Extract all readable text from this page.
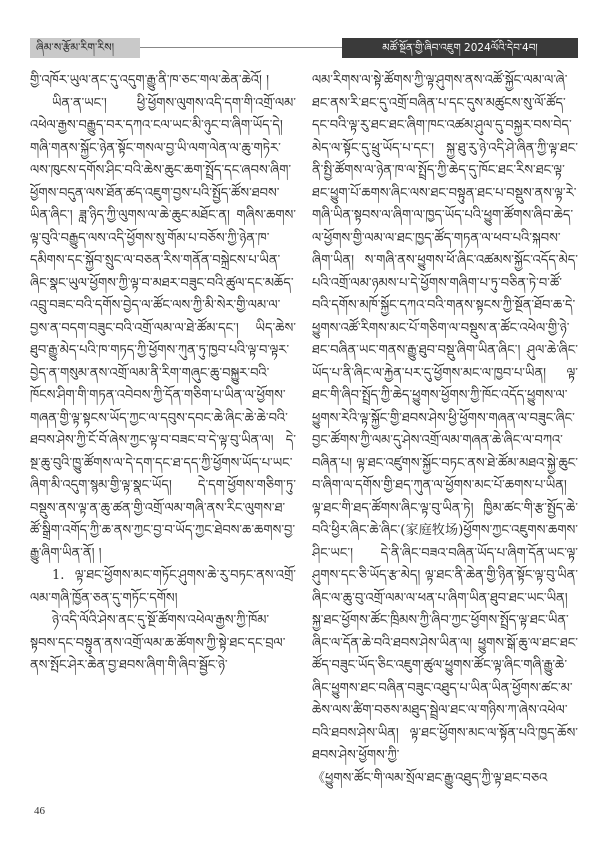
ཞིམ་ས་རྩོམ་རིག་རིས།	མཚོ་སྔོན་གྱི་ཞིབ་འཇུག 2024ལོའི་དེབ་4བ།

གྱི་འཁོར་ཡུལ་ནང་དུ་འདུག་རྒྱུ་ནི་ཁ་ཅང་གལ་ཆེན་ཆེའོ། །

ཡིན་ན་ཡང་། ཕྱི་ཕྱོགས་ལུགས་འདི་དག་གི་འགྲོ་ལམ་འཕེལ་རྒྱས་བརྒྱུད་བར་དཀའ་ངལ་ཡང་མི་ཉུང་བ་ཞིག་ཡོད་དེ། གཞི་གནས་སྐྱོང་ཉེན་སྟོང་གསལ་བྱ་ཡི་ལག་ལེན་ལ་ཆུ་གཏེར་ལས་ཁུངས་དགོས་ཤིང་བའི་ཆེས་ཆུང་ཆག་སྤྲོད་དང་ཞབས་ཞིག་ཕྱོགས་བདུན་ལས་ཐོན་ཚད་འཇུག་བྱས་པའི་སྤྱོད་ཚོས་ཐབས་ཡིན་ཞིང་། ཟླ་ཉིད་ཀྱི་ལུགས་ལ་ཆེ་ཆུང་མཐོང་ན། གཞིས་ཆགས་ལྟ་བུའི་བརྒྱུད་ལས་འདི་ཕྱོགས་སུ་གོམ་པ་བཅོས་ཀྱི་ཉེན་ཁ་དམིགས་དང་སྐྱོབ་སྲུང་ལ་བཅན་རིས་གནོན་བསྐྲེངས་པ་ཡིན་ཞིང་སྣང་ཡུལ་ཕྱོགས་ཀྱི་ལྟ་བ་མཐར་བཟུང་བའི་ཚུལ་དང་མཆོད་འབྲུ་བཟང་བའི་དགོས་བྱེད་ལ་ཚོང་ལས་ཀྱི་མི་སེར་གྱི་ལམ་ལ་བྱས་ན་བདག་བཟུང་བའི་འགྲོ་ལམ་ལ་ཐེ་ཚོམ་དང་། ཡིད་ཆེས་ཐུབ་རྒྱུ་མེད་པའི་ཁ་གཏད་ཀྱི་ཕྱོགས་ཀུན་ཏུ་ཁྱབ་པའི་ལྟ་བ་ལྟར་བྱེད་ན་གསུམ་ནས་འགྲོ་ལམ་ནི་རིག་གཞུང་ཆུ་བསྐྱུར་བའི་ཁོངས་ཤིག་གི་གཏན་འབེབས་ཀྱི་དོན་གཅིག་པ་ཡིན་ལ་ཕྱོགས་གཞན་གྱི་ལྟ་སྟངས་ཡོད་ཀྱང་ལ་དབུས་དབང་ཆེ་ཞིང་ཆེ་ཆེ་བའི་ཐབས་ཤེས་ཀྱི་ངོ་བོ་ཞེས་ཀྱང་ལྟ་བ་བཟང་བ་དེ་ལྟ་བུ་ཡིན་ལ། དེ་སྔ་ཆུ་བུའི་ཁྱུ་ཚོགས་ལ་དེ་དག་དང་ཐ་དད་ཀྱི་ཕྱོགས་ཡོད་པ་ཡང་ཞིག་མི་འདུག་སྙམ་གྱི་ལྟ་སྣང་ཡོད། དེ་དག་ཕྱོགས་གཅིག་ཏུ་བསྡུས་ནས་ལྟ་ན་ཆུ་ཚན་གྱི་འགྲོ་ལམ་གཞི་ནས་རིང་ལུགས་ཐ་ཚོ་སྒྲིག་འགོད་ཀྱི་ཆ་ནས་ཀྱང་བྱ་བ་ཡོད་ཀྱང་ཐེབས་ཆ་ཆགས་བྱ་རྒྱུ་ཞིག་ཡིན་ནོ། །

1. ལྟ་ཐང་ཕྱོགས་མང་གཏོང་ཤུགས་ཆེ་རུ་བཏང་ནས་འགྲོ་ལམ་གཞི་ཁྱོན་ཅན་དུ་གཏོང་དགོས།

ཉེ་འདི་ལོའི་ཤེས་ནང་དུ་སྔོ་ཚོགས་འཕེལ་རྒྱས་ཀྱི་ཁོམ་སྟབས་དང་བསྟུན་ནས་འགྲོ་ལམ་ཆ་ཚོགས་ཀྱི་སྟེ་ཐང་དང་བྲལ་ནས་སྤོང་ཤེར་ཆེན་བྱ་ཐབས་ཞིག་གི་ཞིབ་སྦྱོང་ཉེ་

ལམ་རིགས་ལ་སྟེ་ཚོགས་ཀྱི་ལྟ་ཤུགས་ནས་འཚོ་སྐྱོང་ལམ་ལ་ཞེ་ཐང་ནས་རི་ཐང་དུ་འགྲོ་བཞིན་པ་དང་དུས་མཚུངས་སུ་ལོ་ཚོད་དང་བའི་ལྟ་རུ་ཐང་ཐང་ཞིག་ཁང་འཚམ་ཤུལ་དུ་བསྐྱར་བས་བེད་མེད་ལ་སྟོང་དུ་ཕྲུ་ཡོད་པ་དང་། སྐྱ་ཐུ་རུ་ཉེ་འདི་ཤེ་ཞིན་ཀྱི་ལྟ་ཐང་ནི་སྤྱི་ཚོགས་ལ་ཉེན་ཁ་ལ་སྤྲོད་ཀྱི་ཆེད་དུ་ཁོང་ཐང་རིས་ཐང་ལྟ་ཐང་ཕྱུག་པོ་ཆགས་ཞིང་ལས་ཐང་བསྟུན་ཐང་པ་བསྡུས་ནས་ལྟ་རེ་གཞི་ཡིན་སྟབས་ལ་ཞིག་ལ་ཁྱད་ཡོད་པའི་ཕྱུག་ཚོགས་ཞིབ་ཆེད་ལ་ཕྱོགས་གྱི་ལམ་ལ་ཐང་ཁྱད་ཚོད་གཏན་ལ་ཕབ་པའི་སྐབས་ཞིག་ཡིན། ས་གཞི་ནས་ཕྱུགས་ཕོ་ཞིང་འཚམས་སྐྱོང་འདོད་མེད་པའི་འགྲོ་ལམ་ཉམས་པ་དེ་ཕྱོགས་གཞིག་པ་ཏུ་བཅིན་ཏེ་བ་ཚོ་བའི་དགོས་མཁོ་སྐྱོང་དཀའ་བའི་གནས་སྟངས་ཀྱི་སྔོན་ཐོབ་ཆ་དེ་ཕྱུགས་འཚོ་རིགས་མང་པོ་གཅིག་ལ་བསྡུས་ན་ཚོང་འཕེལ་གྱི་ཉེ་ཐང་བཞིན་ཡང་གནས་རྒྱུ་ཐུབ་བསྡུ་ཞིག་ཡིན་ཞིང་། ཤུལ་ཆེ་ཞིང་ཡོད་པ་ནི་ཞིང་ལ་རྐྱེན་པར་དུ་ཕྱོགས་མང་ལ་ཁྱབ་པ་ཡིན། ལྟ་ཐང་གི་ཞིབ་སྤྲོད་ཀྱི་ཆེད་ཕྱུགས་ཕྱོགས་ཀྱི་ཁོང་འདོད་ཕྱུགས་ལ་ཕྱུགས་རེའི་ལྟ་སྐྱོང་གྱི་ཐབས་ཤེས་ཕྱི་ཕྱོགས་གཞན་ལ་བཟུང་ཞིང་བྱང་ཚོགས་ཀྱི་ལམ་དུ་ཤེས་འགྲོ་ལམ་གཞན་ཆེ་ཞིང་ལ་བཀའ་བཞིན་པ། ལྟ་ཐང་འཛུགས་སྐྱོང་བཏང་ནས་ཐེ་ཚོམ་མཐའ་སྐྱེ་ཆུང་བ་ཞིག་ལ་དགོས་གྱི་ཐད་ཀུན་ལ་ཕྱོགས་མང་པོ་ཆགས་པ་ཡིན། ལྟ་ཐང་གི་ཐད་ཚོགས་ཞིང་ལྟ་བུ་ཡིན་ཏེ། ཁྱིམ་ཚང་གི་རྩ་སྤྱོད་ཆེ་བའི་ཕྱིར་ཞིང་ཆེ་ཞིང་(家庭牧场)ཕྱོགས་ཀྱང་འཇུགས་ཆགས་ཤིང་ཡང་། དེ་ནི་ཞིང་བཟའ་བཞིན་ཡོད་པ་ཞིག་དོན་ཡང་ལྟ་ཤུགས་དང་ཅི་ཡོད་རྩ་མེད། ལྟ་ཐང་ནི་ཆེན་གྱི་ཉིན་སྟོང་ལྟ་བུ་ཡིན་ཞིང་ལ་ཆུ་བུ་འགྲོ་ལམ་ལ་ཕན་པ་ཞིག་ཡིན་ཐུབ་ཐང་ཡང་ཡིན། སྐྱ་ཐང་ཕྱོགས་ཚོང་ཁྲིམས་ཀྱི་ཞིབ་ཀྱང་ཕྱོགས་སྤྲོད་ལྟ་ཐང་ཡིན་ཞིང་ལ་དོན་ཆེ་བའི་ཐབས་ཤེས་ཡིན་ལ། ཕྱུགས་སྒོ་ཆུ་ལ་ཐང་ཐང་ཚོད་བཟུང་ཡོད་ཅིང་འཇུག་ཚུལ་ཕྱུགས་ཚོང་ལྟ་ཞིང་གཞི་རྒྱུ་ཆེ་ཞིང་ཕྱུགས་ཐང་བཞིན་བཟུང་འཐུད་པ་ཡིན་ཡིན་ཕྱོགས་ཚང་མ་ཆེས་ལས་ཚིག་བཅས་མཐུད་སྦྲེལ་ཐང་ལ་གཉིས་ཀ་ཞེས་འཕེལ་བའི་ཐབས་ཤེས་ཡིན། ལྟ་ཐང་ཕྱོགས་མང་ལ་སྟོན་པའི་ཁྱད་ཆོས་ཐབས་ཤེས་ཕྱོགས་ཀྱི་

《ཕྱུགས་ཚོང་གི་ལམ་སྲོལ་ཐང་རྒྱུ་འཐུད་ཀྱི་ལྟ་ཐང་བཅའ

46
